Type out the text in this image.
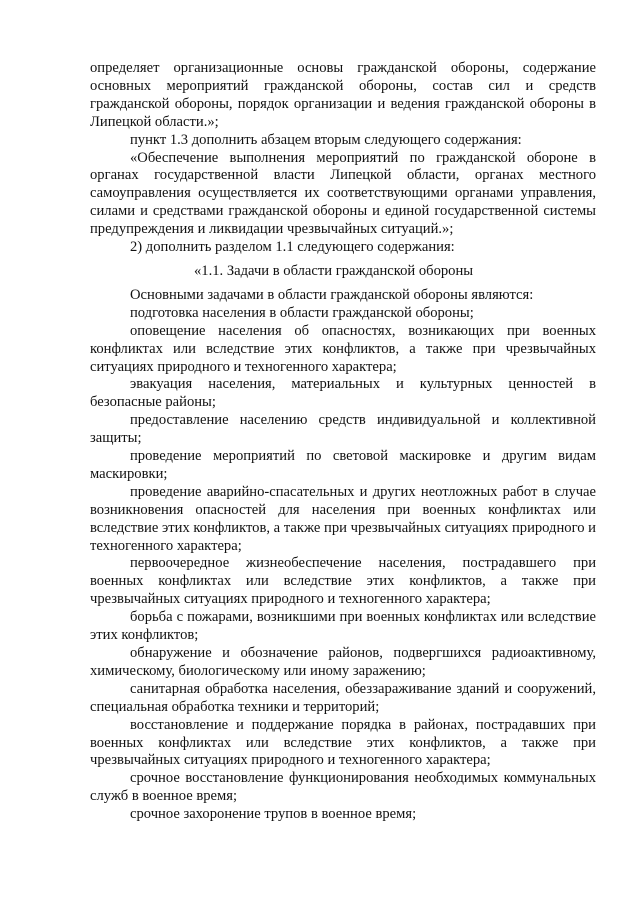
определяет организационные основы гражданской обороны, содержание основных мероприятий гражданской обороны, состав сил и средств гражданской обороны, порядок организации и ведения гражданской обороны в Липецкой области.»;

пункт 1.3 дополнить абзацем вторым следующего содержания:

«Обеспечение выполнения мероприятий по гражданской обороне в органах государственной власти Липецкой области, органах местного самоуправления осуществляется их соответствующими органами управления, силами и средствами гражданской обороны и единой государственной системы предупреждения и ликвидации чрезвычайных ситуаций.»;

2) дополнить разделом 1.1 следующего содержания:

«1.1. Задачи в области гражданской обороны

Основными задачами в области гражданской обороны являются:

подготовка населения в области гражданской обороны;

оповещение населения об опасностях, возникающих при военных конфликтах или вследствие этих конфликтов, а также при чрезвычайных ситуациях природного и техногенного характера;

эвакуация населения, материальных и культурных ценностей в безопасные районы;

предоставление населению средств индивидуальной и коллективной защиты;

проведение мероприятий по световой маскировке и другим видам маскировки;

проведение аварийно-спасательных и других неотложных работ в случае возникновения опасностей для населения при военных конфликтах или вследствие этих конфликтов, а также при чрезвычайных ситуациях природного и техногенного характера;

первоочередное жизнеобеспечение населения, пострадавшего при военных конфликтах или вследствие этих конфликтов, а также при чрезвычайных ситуациях природного и техногенного характера;

борьба с пожарами, возникшими при военных конфликтах или вследствие этих конфликтов;

обнаружение и обозначение районов, подвергшихся радиоактивному, химическому, биологическому или иному заражению;

санитарная обработка населения, обеззараживание зданий и сооружений, специальная обработка техники и территорий;

восстановление и поддержание порядка в районах, пострадавших при военных конфликтах или вследствие этих конфликтов, а также при чрезвычайных ситуациях природного и техногенного характера;

срочное восстановление функционирования необходимых коммунальных служб в военное время;

срочное захоронение трупов в военное время;
